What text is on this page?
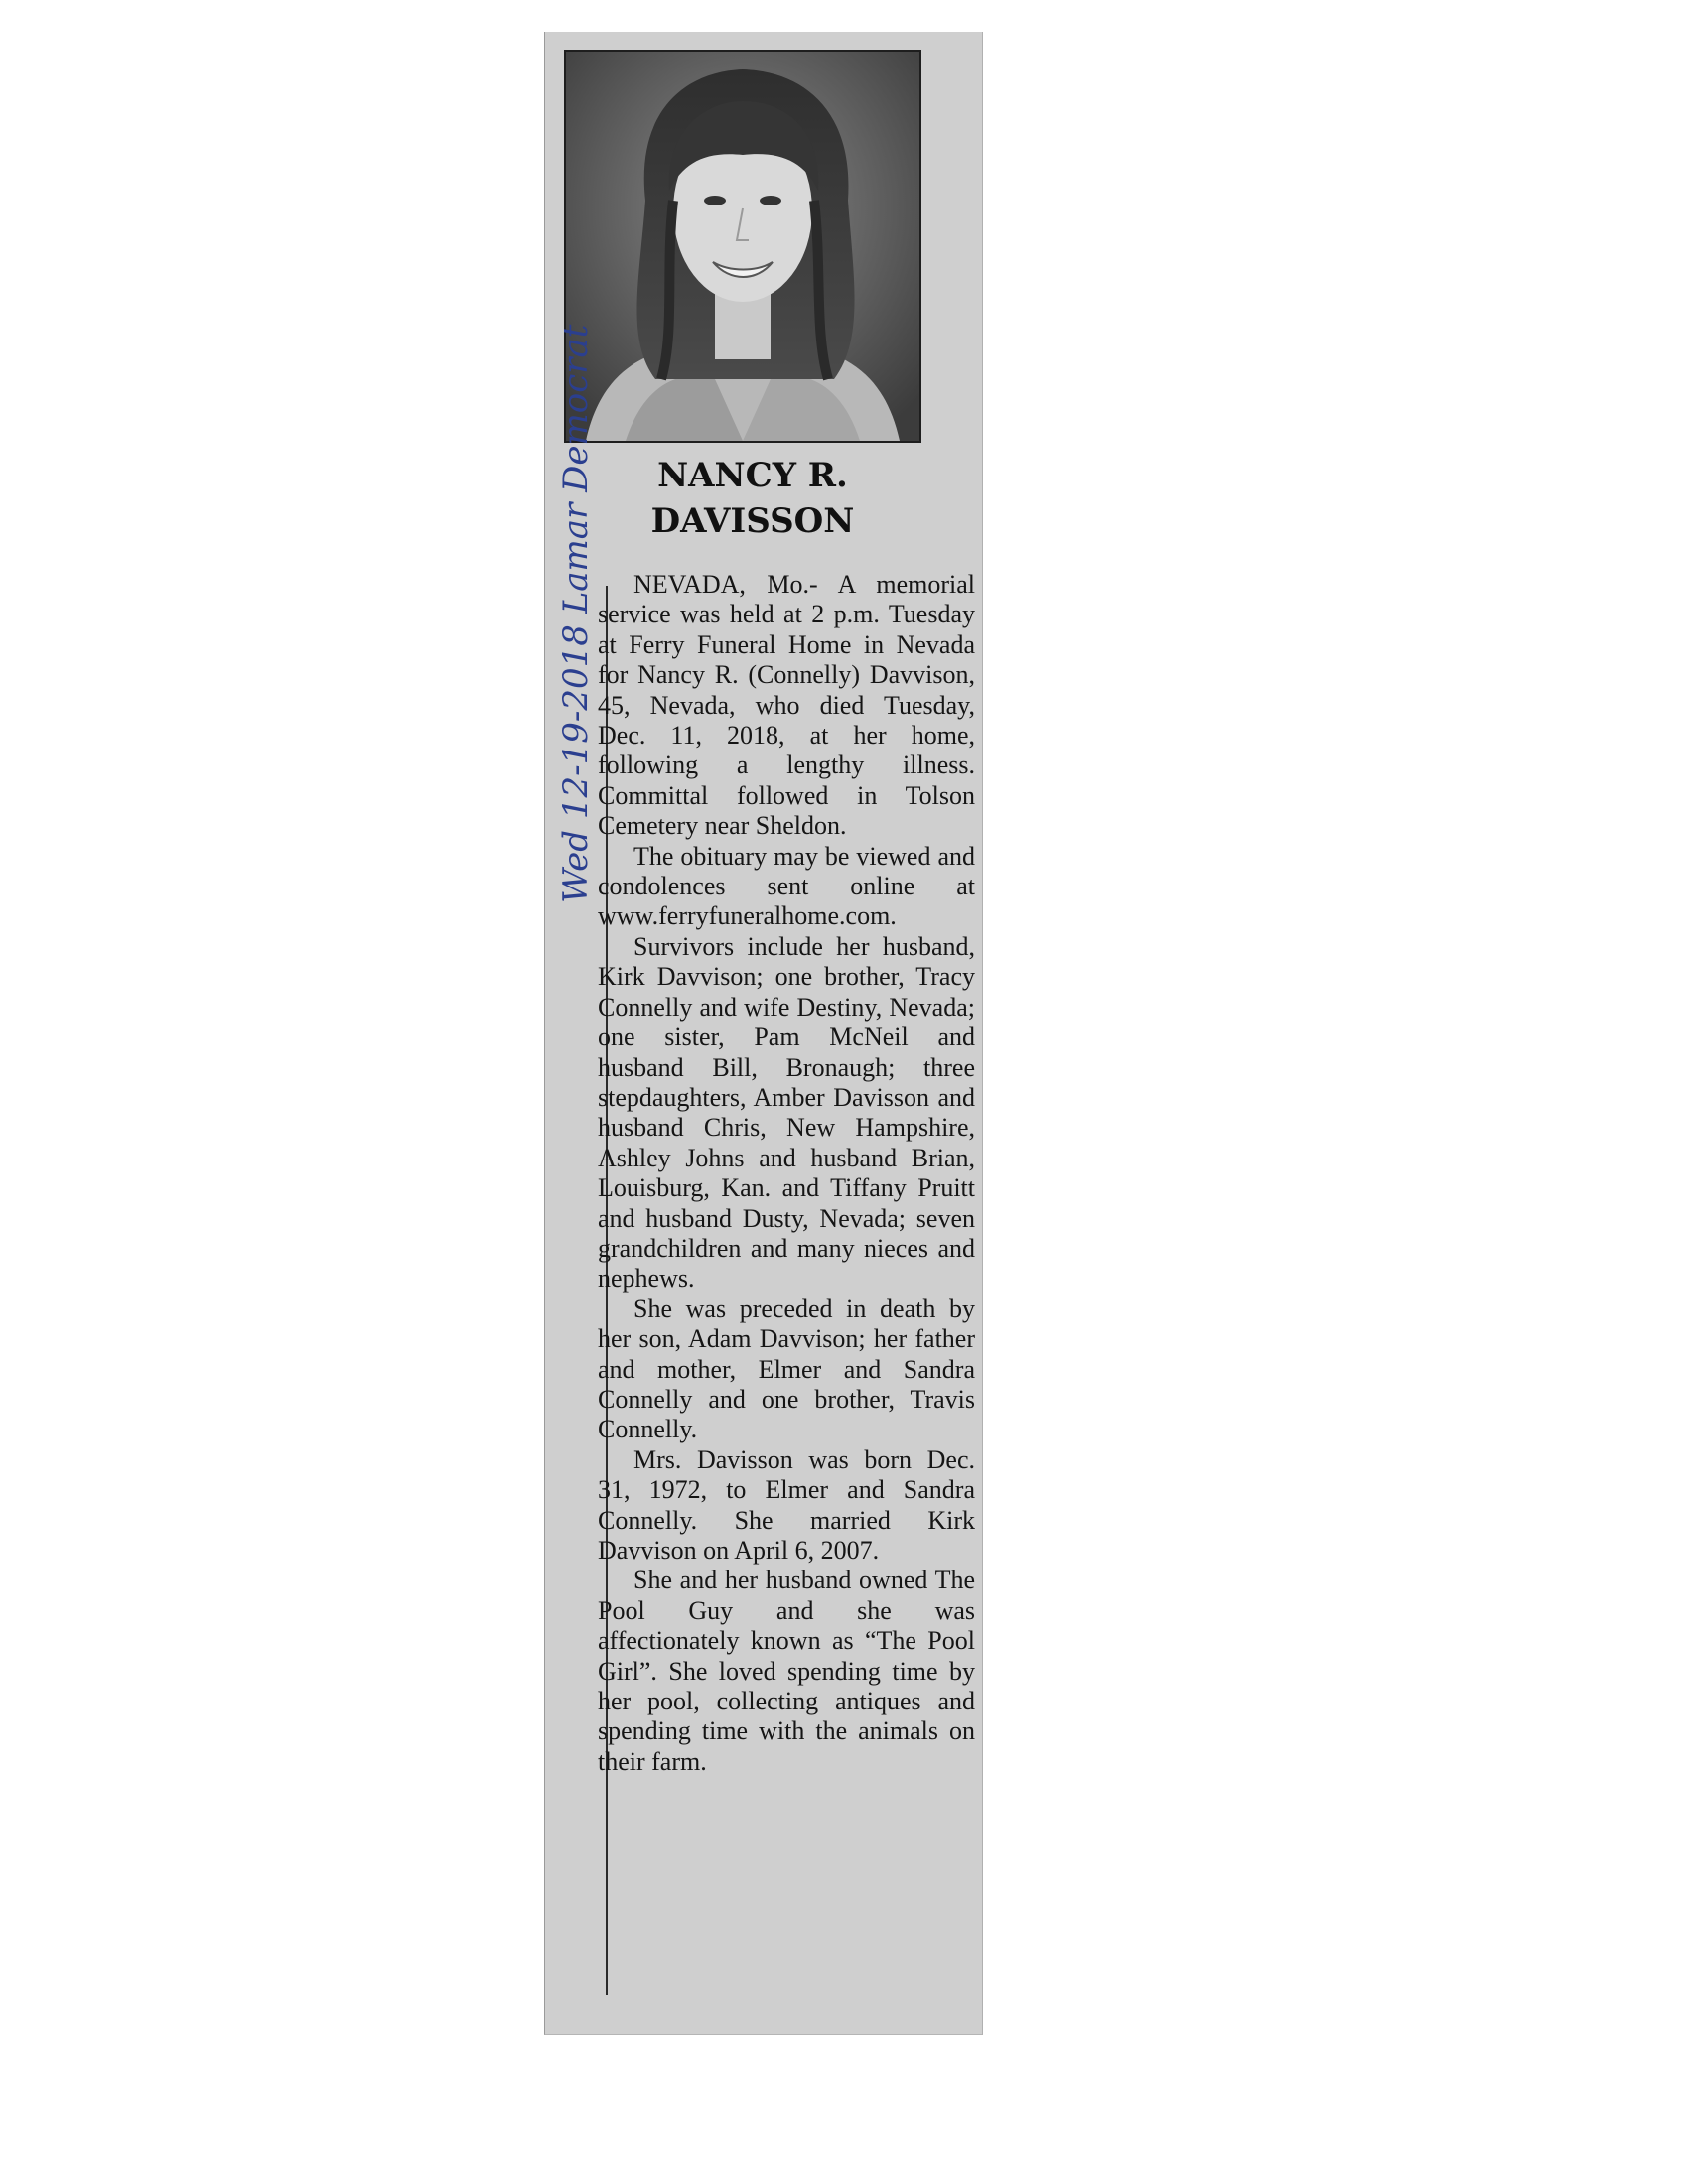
NANCY R.
DAVISSON

NEVADA, Mo.- A memorial service was held at 2 p.m. Tuesday at Ferry Funeral Home in Nevada for Nancy R. (Connelly) Davvison, 45, Nevada, who died Tuesday, Dec. 11, 2018, at her home, following a lengthy illness. Committal followed in Tolson Cemetery near Sheldon.

The obituary may be viewed and condolences sent online at www.ferryfuneralhome.com.

Survivors include her husband, Kirk Davvison; one brother, Tracy Connelly and wife Destiny, Nevada; one sister, Pam McNeil and husband Bill, Bronaugh; three stepdaughters, Amber Davisson and husband Chris, New Hampshire, Ashley Johns and husband Brian, Louisburg, Kan. and Tiffany Pruitt and husband Dusty, Nevada; seven grandchildren and many nieces and nephews.

She was preceded in death by her son, Adam Davvison; her father and mother, Elmer and Sandra Connelly and one brother, Travis Connelly.

Mrs. Davisson was born Dec. 31, 1972, to Elmer and Sandra Connelly. She married Kirk Davvison on April 6, 2007.

She and her husband owned The Pool Guy and she was affectionately known as “The Pool Girl”. She loved spending time by her pool, collecting antiques and spending time with the animals on their farm.

Wed 12-19-2018 Lamar Democrat
